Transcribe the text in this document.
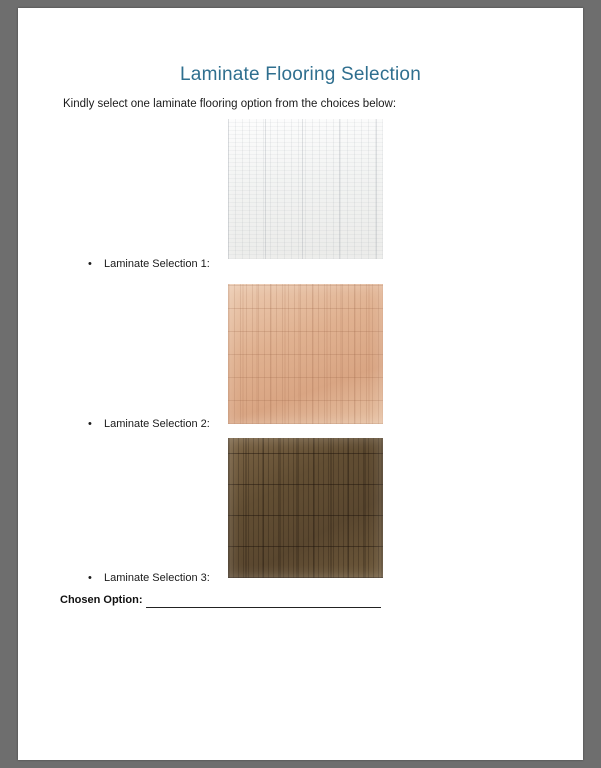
Laminate Flooring Selection
Kindly select one laminate flooring option from the choices below:
• Laminate Selection 1:
• Laminate Selection 2:
• Laminate Selection 3:
Chosen Option:
